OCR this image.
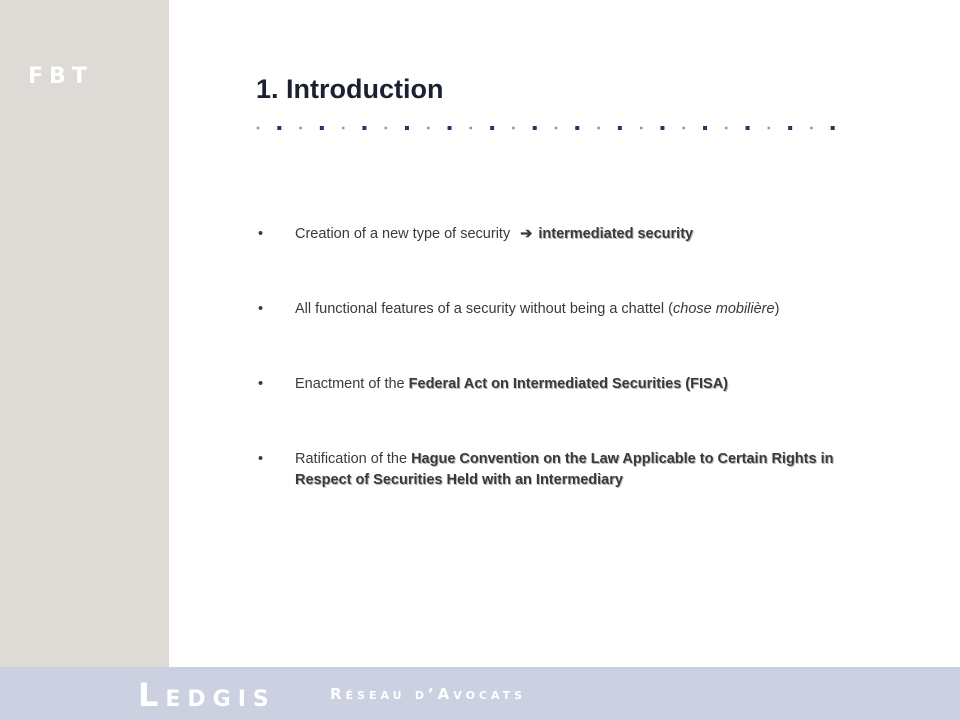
FBT	1. Introduction
• Creation of a new type of security ➔ intermediated security
• All functional features of a security without being a chattel (chose mobilière)
• Enactment of the Federal Act on Intermediated Securities (FISA)
• Ratification of the Hague Convention on the Law Applicable to Certain Rights in Respect of Securities Held with an Intermediary
Ledgis	Réseau d’Avocats
